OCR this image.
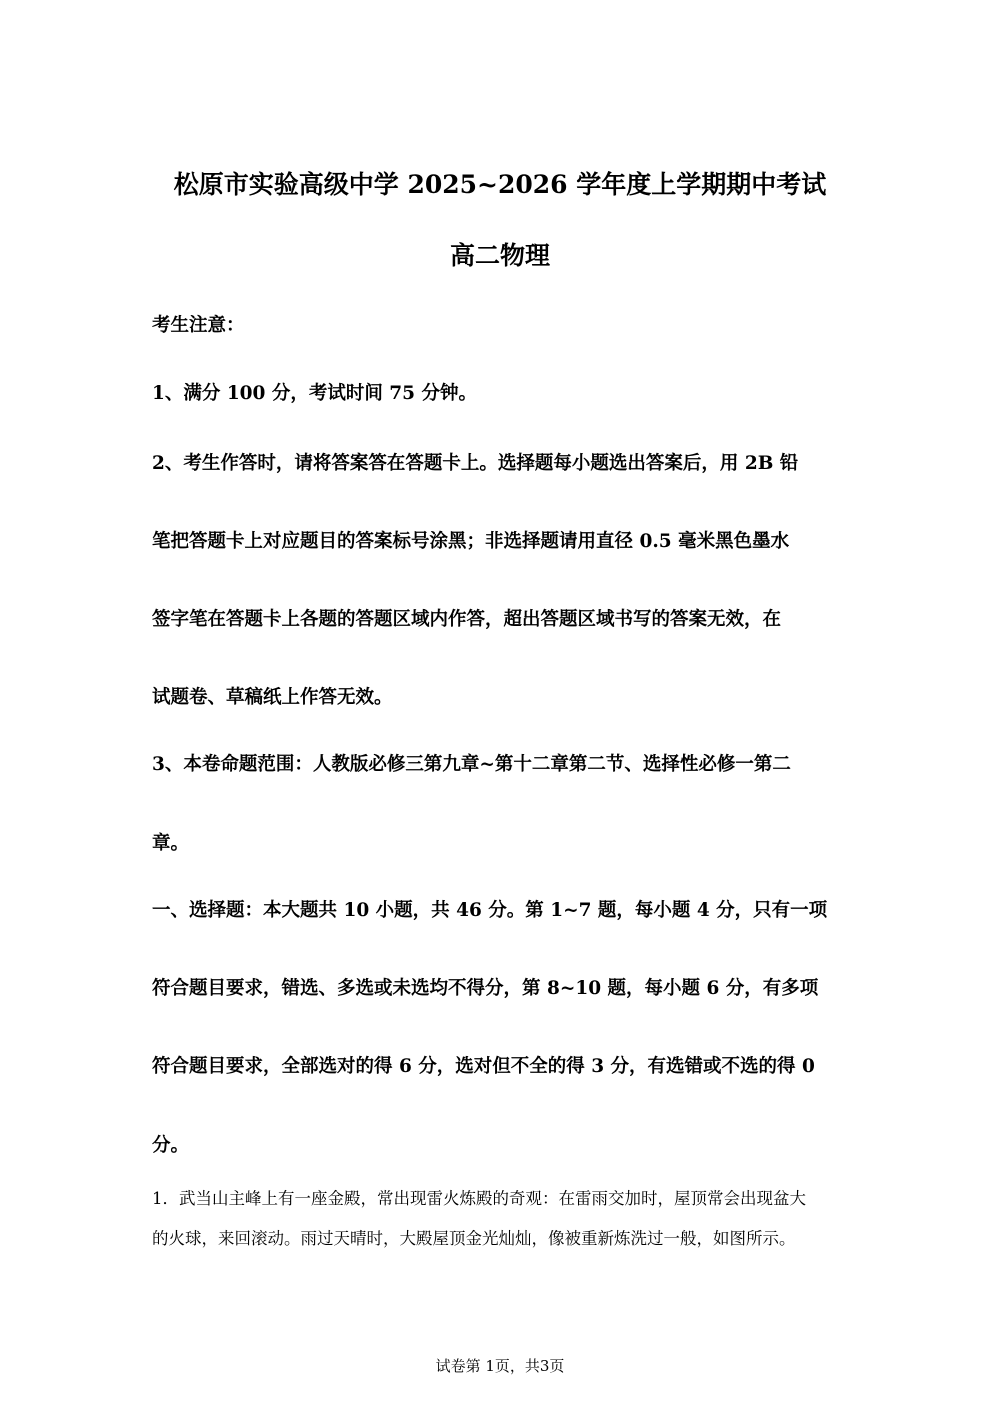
松原市实验高级中学 2025~2026 学年度上学期期中考试
高二物理
考生注意：
1、满分 100 分，考试时间 75 分钟。
2、考生作答时，请将答案答在答题卡上。选择题每小题选出答案后，用 2B 铅
笔把答题卡上对应题目的答案标号涂黑；非选择题请用直径 0.5 毫米黑色墨水
签字笔在答题卡上各题的答题区域内作答，超出答题区域书写的答案无效，在
试题卷、草稿纸上作答无效。
3、本卷命题范围：人教版必修三第九章~第十二章第二节、选择性必修一第二
章。
一、选择题：本大题共 10 小题，共 46 分。第 1~7 题，每小题 4 分，只有一项
符合题目要求，错选、多选或未选均不得分，第 8~10 题，每小题 6 分，有多项
符合题目要求，全部选对的得 6 分，选对但不全的得 3 分，有选错或不选的得 0
分。
1．武当山主峰上有一座金殿，常出现雷火炼殿的奇观：在雷雨交加时，屋顶常会出现盆大
的火球，来回滚动。雨过天晴时，大殿屋顶金光灿灿，像被重新炼洗过一般，如图所示。
试卷第 1页，共3页
